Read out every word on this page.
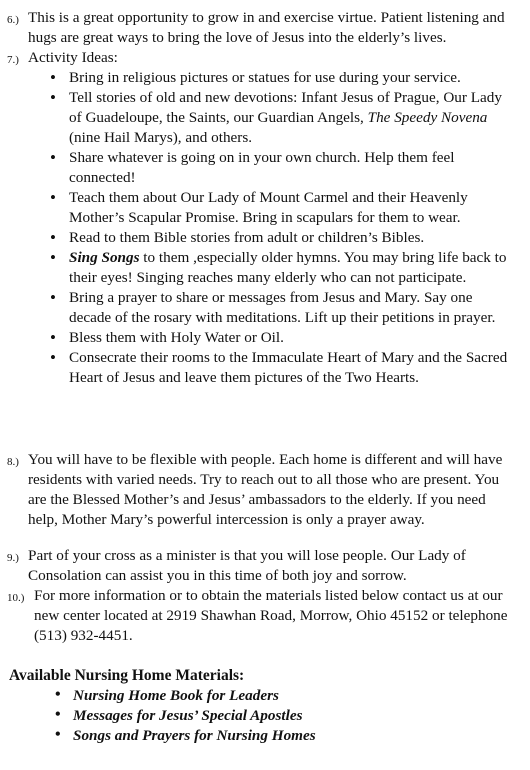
6.) This is a great opportunity to grow in and exercise virtue. Patient listening and hugs are great ways to bring the love of Jesus into the elderly’s lives.
7.) Activity Ideas:
• Bring in religious pictures or statues for use during your service.
• Tell stories of old and new devotions: Infant Jesus of Prague, Our Lady of Guadeloupe, the Saints, our Guardian Angels, The Speedy Novena (nine Hail Marys), and others.
• Share whatever is going on in your own church. Help them feel connected!
• Teach them about Our Lady of Mount Carmel and their Heavenly Mother’s Scapular Promise. Bring in scapulars for them to wear.
• Read to them Bible stories from adult or children’s Bibles.
• Sing Songs to them ,especially older hymns. You may bring life back to their eyes! Singing reaches many elderly who can not participate.
• Bring a prayer to share or messages from Jesus and Mary. Say one decade of the rosary with meditations. Lift up their petitions in prayer.
• Bless them with Holy Water or Oil.
• Consecrate their rooms to the Immaculate Heart of Mary and the Sacred Heart of Jesus and leave them pictures of the Two Hearts.
8.) You will have to be flexible with people. Each home is different and will have residents with varied needs. Try to reach out to all those who are present. You are the Blessed Mother’s and Jesus’ ambassadors to the elderly. If you need help, Mother Mary’s powerful intercession is only a prayer away.
9.) Part of your cross as a minister is that you will lose people. Our Lady of Consolation can assist you in this time of both joy and sorrow.
10.) For more information or to obtain the materials listed below contact us at our new center located at 2919 Shawhan Road, Morrow, Ohio 45152 or telephone (513) 932-4451.
Available Nursing Home Materials:
• Nursing Home Book for Leaders
• Messages for Jesus’ Special Apostles
• Songs and Prayers for Nursing Homes
